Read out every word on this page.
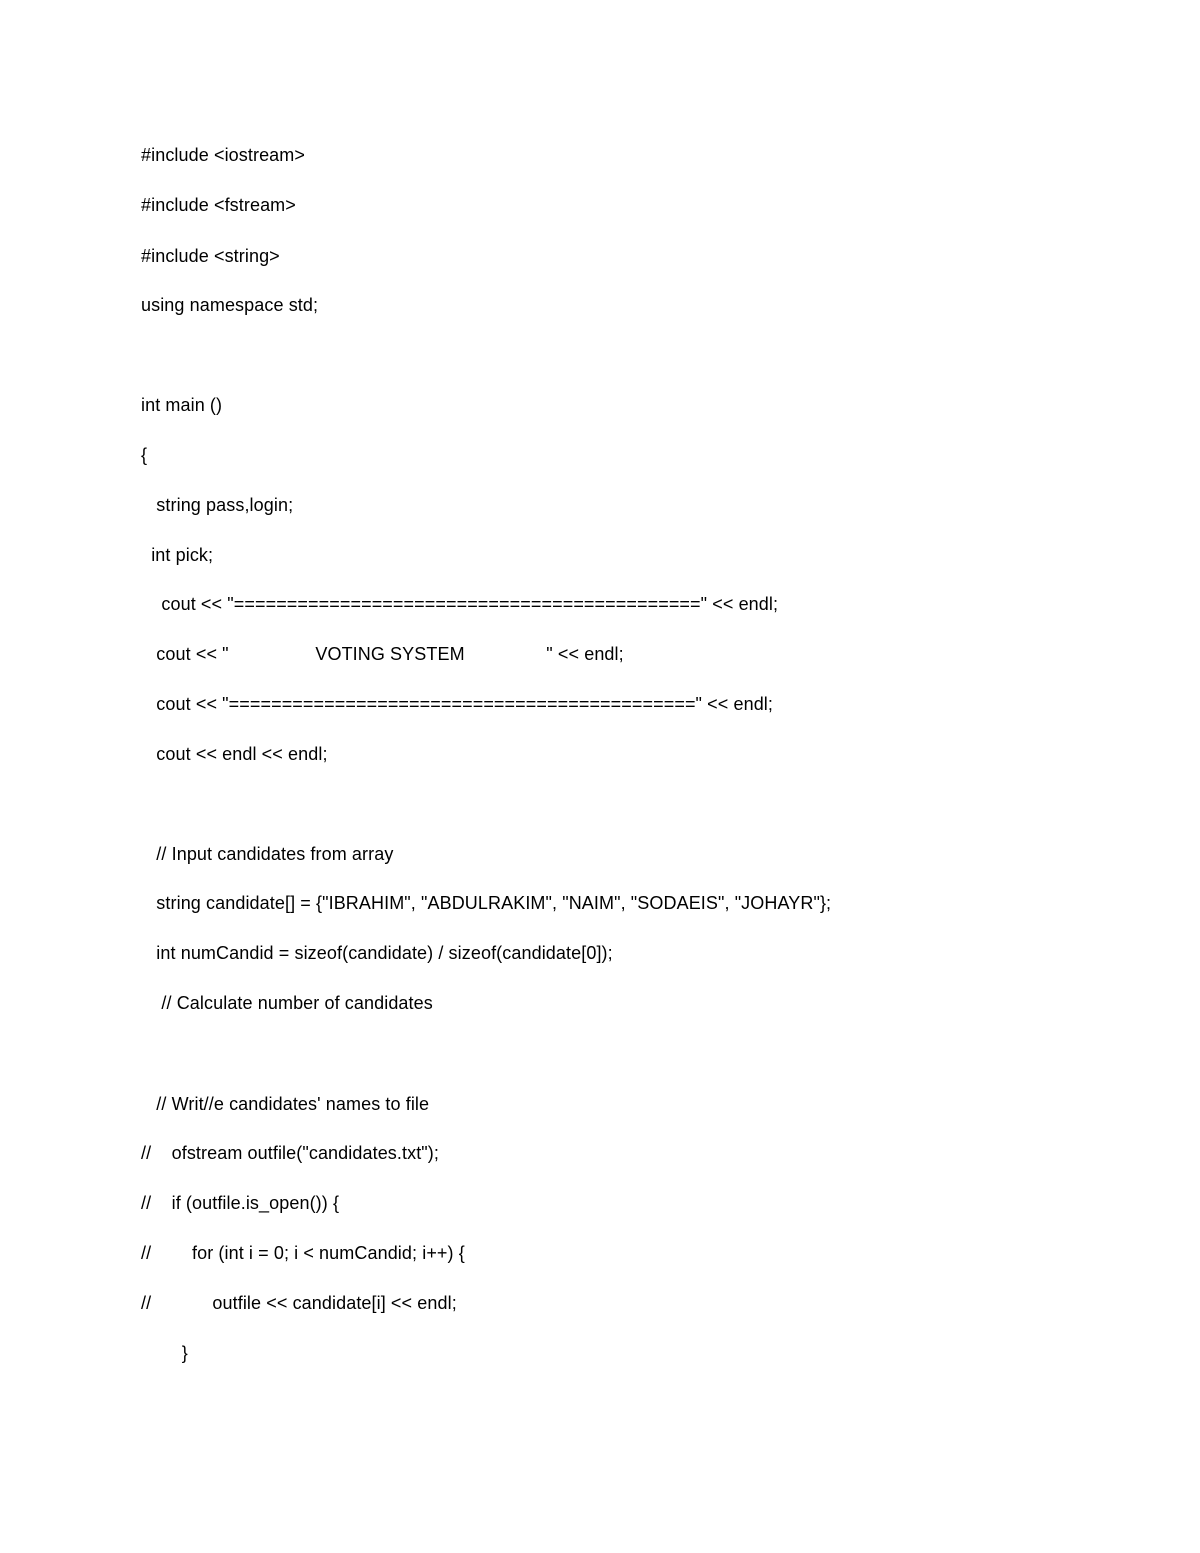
#include <iostream>
#include <fstream>
#include <string>
using namespace std;
int main ()
{
string pass,login;
int pick;
cout << "============================================" << endl;
cout << "                 VOTING SYSTEM                " << endl;
cout << "============================================" << endl;
cout << endl << endl;
// Input candidates from array
string candidate[] = {"IBRAHIM", "ABDULRAKIM", "NAIM", "SODAEIS", "JOHAYR"};
int numCandid = sizeof(candidate) / sizeof(candidate[0]);
// Calculate number of candidates
// Writ//e candidates' names to file
//    ofstream outfile("candidates.txt");
//    if (outfile.is_open()) {
//        for (int i = 0; i < numCandid; i++) {
//            outfile << candidate[i] << endl;
}
